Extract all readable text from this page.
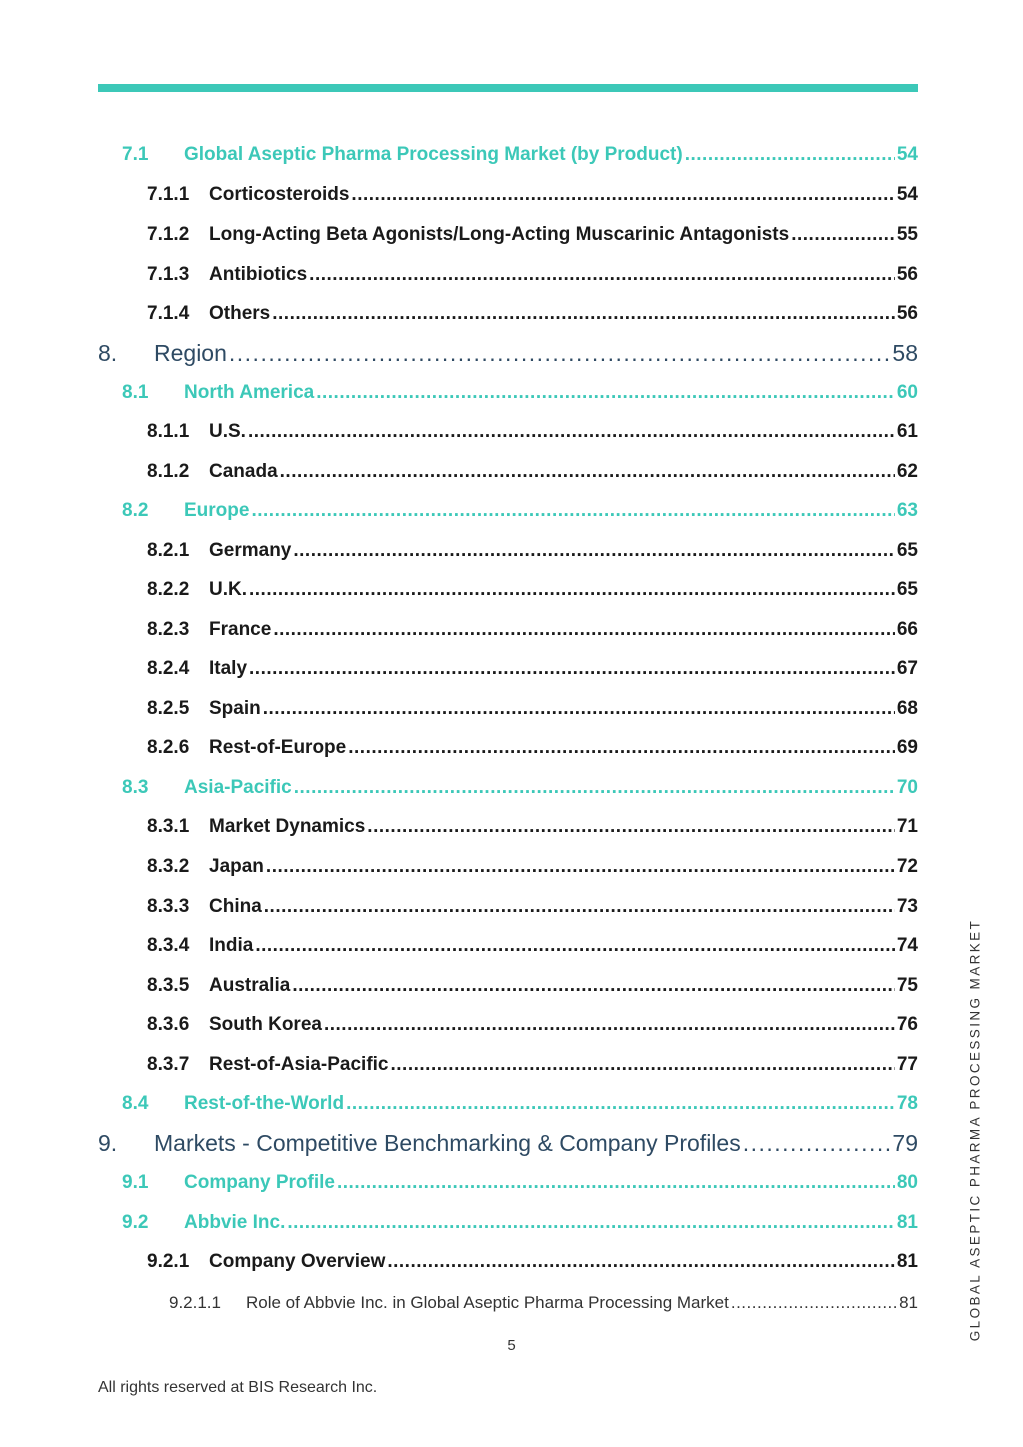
7.1	Global Aseptic Pharma Processing Market (by Product) .....	54
7.1.1	Corticosteroids .....	54
7.1.2	Long-Acting Beta Agonists/Long-Acting Muscarinic Antagonists .....	55
7.1.3	Antibiotics .....	56
7.1.4	Others .....	56
8.	Region .....	58
8.1	North America .....	60
8.1.1	U.S. .....	61
8.1.2	Canada .....	62
8.2	Europe .....	63
8.2.1	Germany .....	65
8.2.2	U.K. .....	65
8.2.3	France .....	66
8.2.4	Italy .....	67
8.2.5	Spain .....	68
8.2.6	Rest-of-Europe .....	69
8.3	Asia-Pacific .....	70
8.3.1	Market Dynamics .....	71
8.3.2	Japan .....	72
8.3.3	China .....	73
8.3.4	India .....	74
8.3.5	Australia .....	75
8.3.6	South Korea .....	76
8.3.7	Rest-of-Asia-Pacific .....	77
8.4	Rest-of-the-World .....	78
9.	Markets - Competitive Benchmarking & Company Profiles .....	79
9.1	Company Profile .....	80
9.2	Abbvie Inc. .....	81
9.2.1	Company Overview .....	81
9.2.1.1	Role of Abbvie Inc. in Global Aseptic Pharma Processing Market .....	81
5
All rights reserved at BIS Research Inc.
GLOBAL ASEPTIC PHARMA PROCESSING MARKET
